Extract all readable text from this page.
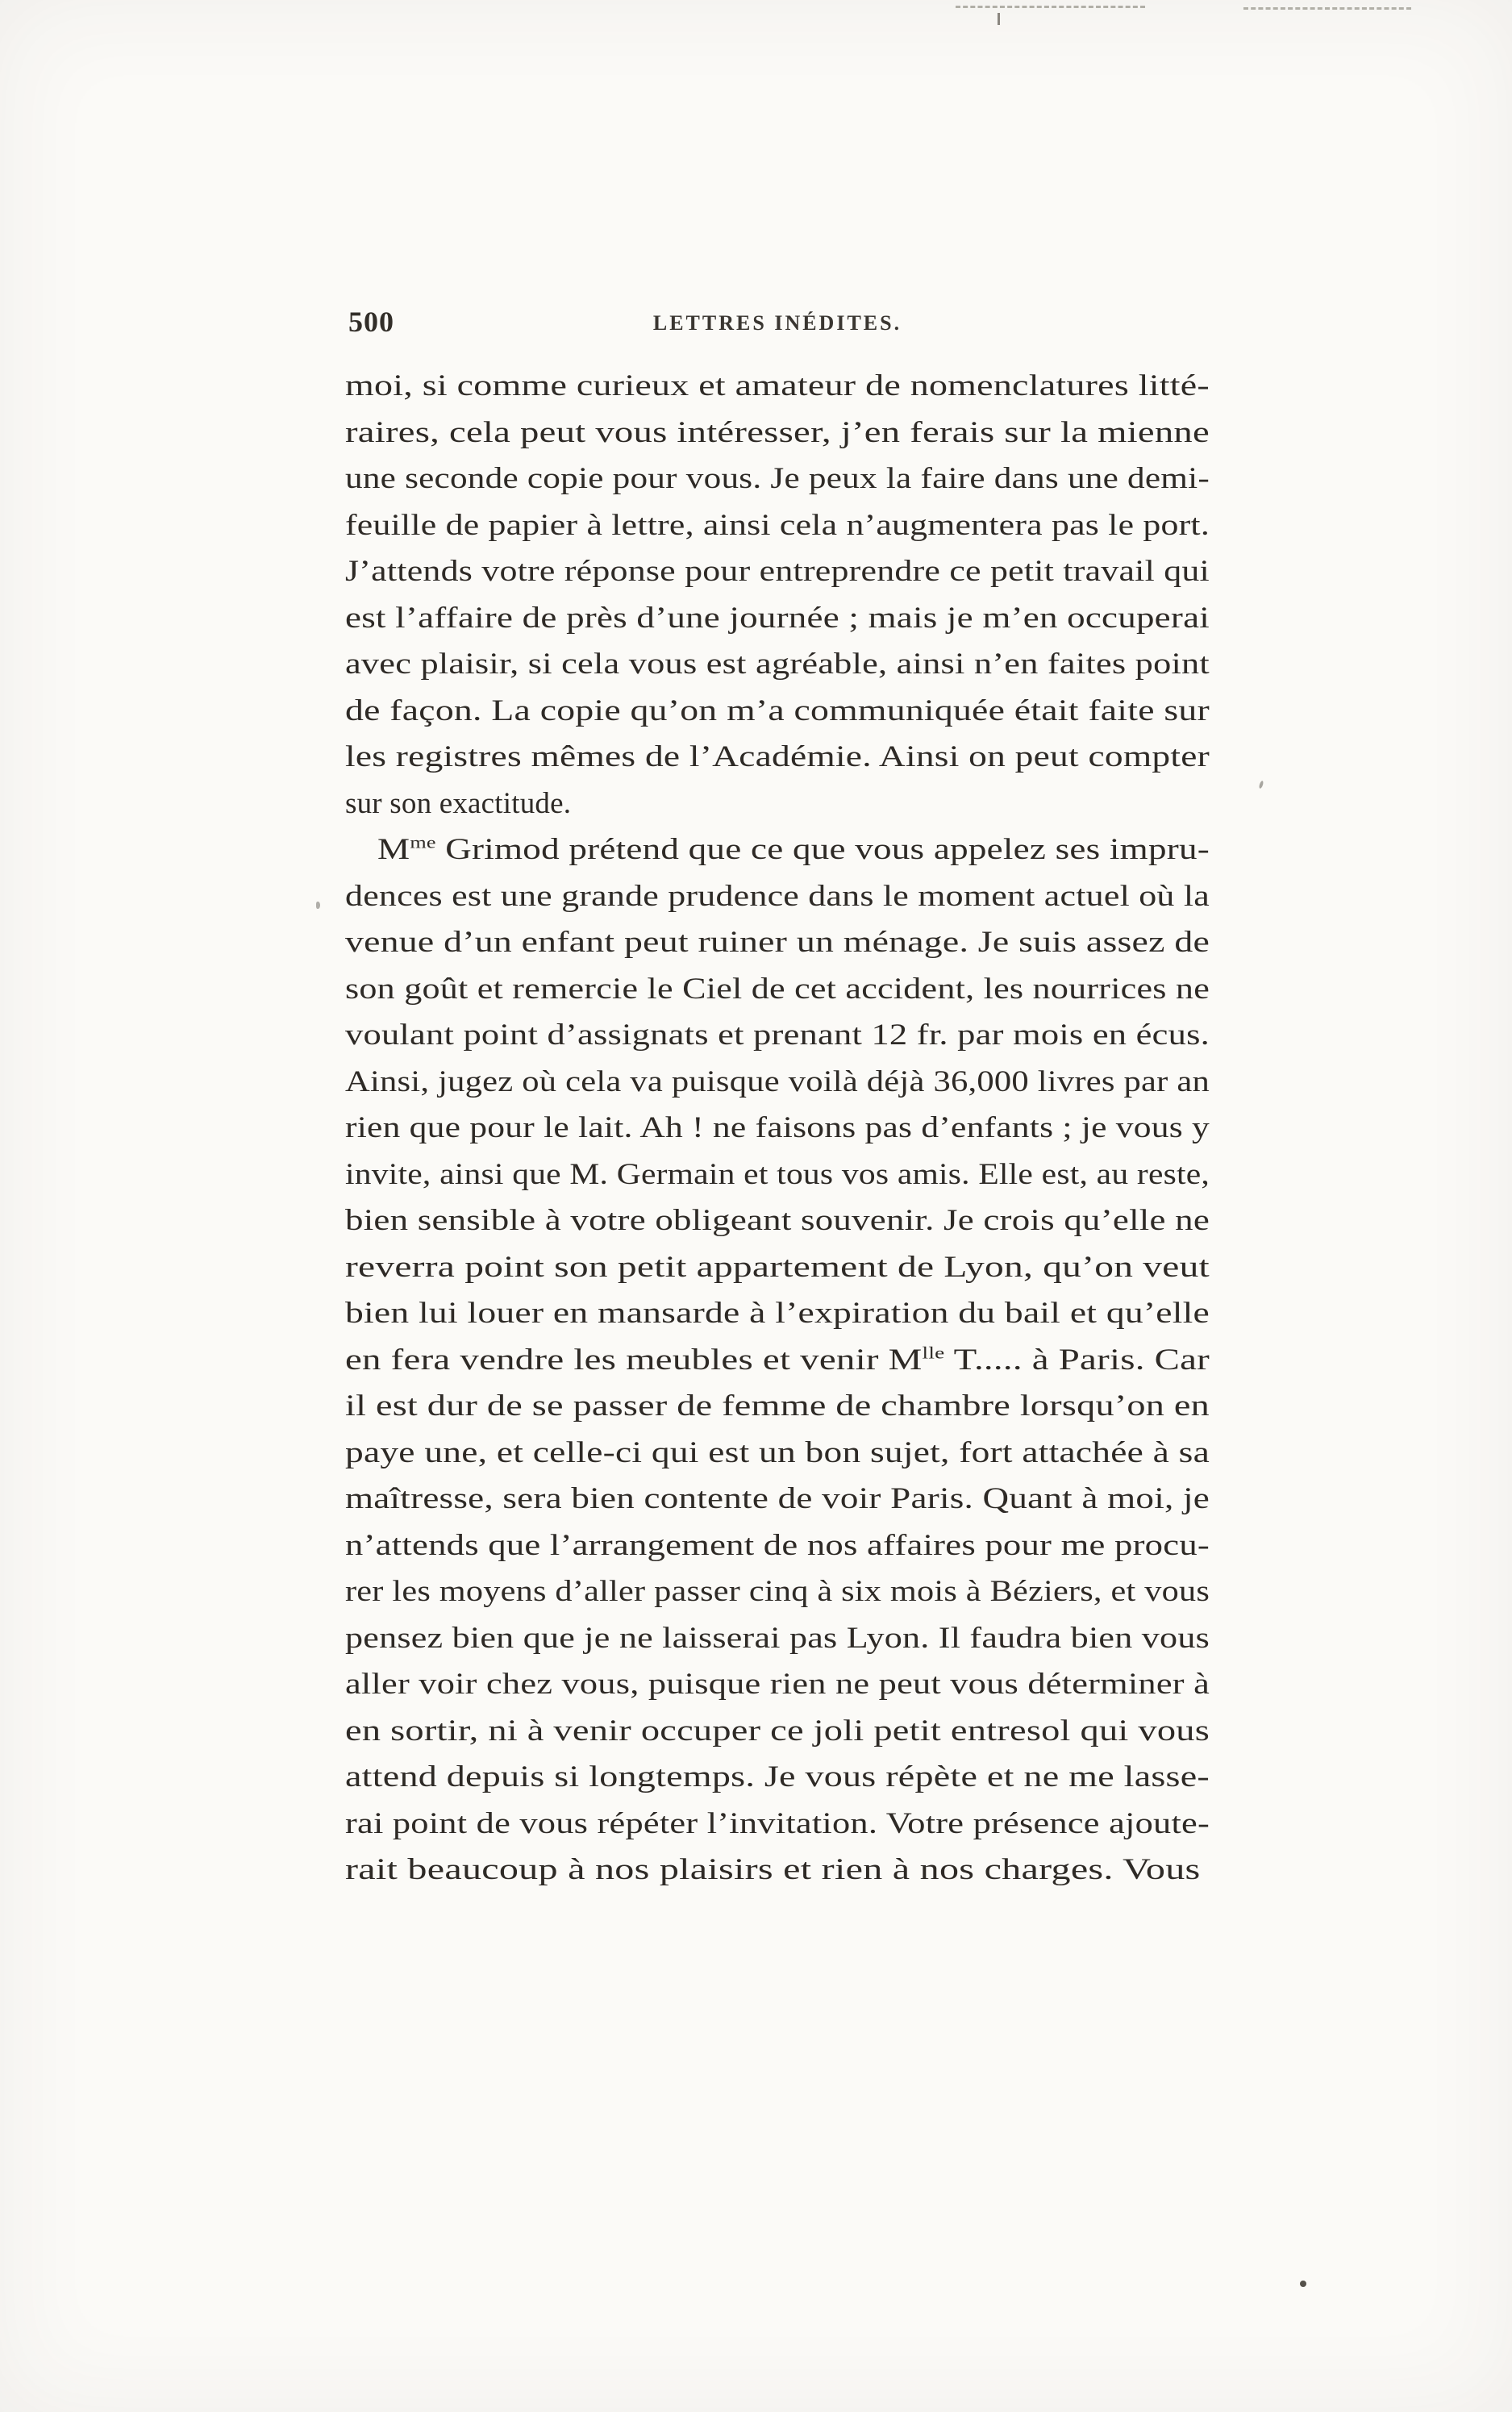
500	LETTRES INÉDITES.
moi, si comme curieux et amateur de nomenclatures litté-
raires, cela peut vous intéresser, j’en ferais sur la mienne
une seconde copie pour vous. Je peux la faire dans une demi-
feuille de papier à lettre, ainsi cela n’augmentera pas le port.
J’attends votre réponse pour entreprendre ce petit travail qui
est l’affaire de près d’une journée ; mais je m’en occuperai
avec plaisir, si cela vous est agréable, ainsi n’en faites point
de façon. La copie qu’on m’a communiquée était faite sur
les registres mêmes de l’Académie. Ainsi on peut compter
sur son exactitude.
$M^{me}$ Grimod prétend que ce que vous appelez ses impru-
dences est une grande prudence dans le moment actuel où la
venue d’un enfant peut ruiner un ménage. Je suis assez de
son goût et remercie le Ciel de cet accident, les nourrices ne
voulant point d’assignats et prenant 12 fr. par mois en écus.
Ainsi, jugez où cela va puisque voilà déjà 36,000 livres par an
rien que pour le lait. Ah ! ne faisons pas d’enfants ; je vous y
invite, ainsi que M. Germain et tous vos amis. Elle est, au reste,
bien sensible à votre obligeant souvenir. Je crois qu’elle ne
reverra point son petit appartement de Lyon, qu’on veut
bien lui louer en mansarde à l’expiration du bail et qu’elle
en fera vendre les meubles et venir $M^{lle}$ T..... à Paris. Car
il est dur de se passer de femme de chambre lorsqu’on en
paye une, et celle-ci qui est un bon sujet, fort attachée à sa
maîtresse, sera bien contente de voir Paris. Quant à moi, je
n’attends que l’arrangement de nos affaires pour me procu-
rer les moyens d’aller passer cinq à six mois à Béziers, et vous
pensez bien que je ne laisserai pas Lyon. Il faudra bien vous
aller voir chez vous, puisque rien ne peut vous déterminer à
en sortir, ni à venir occuper ce joli petit entresol qui vous
attend depuis si longtemps. Je vous répète et ne me lasse-
rai point de vous répéter l’invitation. Votre présence ajoute-
rait beaucoup à nos plaisirs et rien à nos charges. Vous
